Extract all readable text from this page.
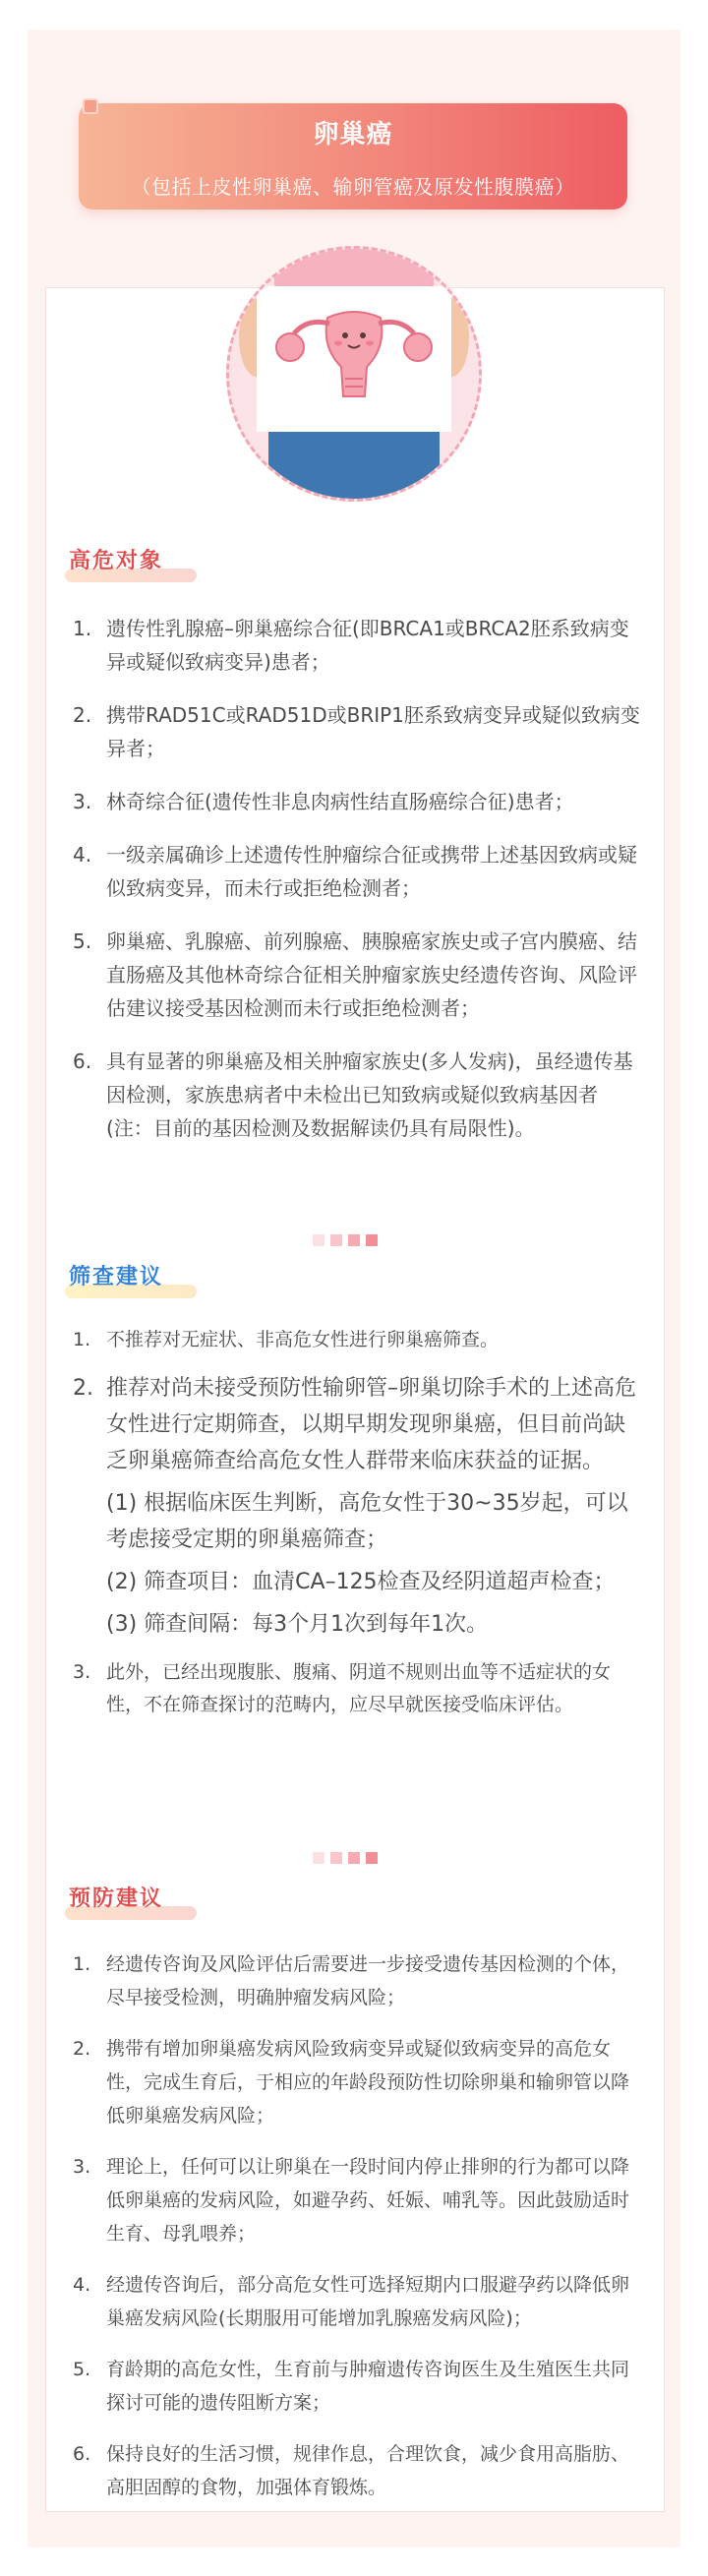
卵巢癌
（包括上皮性卵巢癌、输卵管癌及原发性腹膜癌）
高危对象
1. 遗传性乳腺癌–卵巢癌综合征(即BRCA1或BRCA2胚系致病变异或疑似致病变异)患者；
2. 携带RAD51C或RAD51D或BRIP1胚系致病变异或疑似致病变异者；
3. 林奇综合征(遗传性非息肉病性结直肠癌综合征)患者；
4. 一级亲属确诊上述遗传性肿瘤综合征或携带上述基因致病或疑似致病变异，而未行或拒绝检测者；
5. 卵巢癌、乳腺癌、前列腺癌、胰腺癌家族史或子宫内膜癌、结直肠癌及其他林奇综合征相关肿瘤家族史经遗传咨询、风险评估建议接受基因检测而未行或拒绝检测者；
6. 具有显著的卵巢癌及相关肿瘤家族史(多人发病)，虽经遗传基因检测，家族患病者中未检出已知致病或疑似致病基因者(注：目前的基因检测及数据解读仍具有局限性)。
筛查建议
1. 不推荐对无症状、非高危女性进行卵巢癌筛查。
2. 推荐对尚未接受预防性输卵管–卵巢切除手术的上述高危女性进行定期筛查，以期早期发现卵巢癌，但目前尚缺乏卵巢癌筛查给高危女性人群带来临床获益的证据。
(1) 根据临床医生判断，高危女性于30~35岁起，可以考虑接受定期的卵巢癌筛查；
(2) 筛查项目：血清CA–125检查及经阴道超声检查；
(3) 筛查间隔：每3个月1次到每年1次。
3. 此外，已经出现腹胀、腹痛、阴道不规则出血等不适症状的女性，不在筛查探讨的范畴内，应尽早就医接受临床评估。
预防建议
1. 经遗传咨询及风险评估后需要进一步接受遗传基因检测的个体，尽早接受检测，明确肿瘤发病风险；
2. 携带有增加卵巢癌发病风险致病变异或疑似致病变异的高危女性，完成生育后，于相应的年龄段预防性切除卵巢和输卵管以降低卵巢癌发病风险；
3. 理论上，任何可以让卵巢在一段时间内停止排卵的行为都可以降低卵巢癌的发病风险，如避孕药、妊娠、哺乳等。因此鼓励适时生育、母乳喂养；
4. 经遗传咨询后，部分高危女性可选择短期内口服避孕药以降低卵巢癌发病风险(长期服用可能增加乳腺癌发病风险)；
5. 育龄期的高危女性，生育前与肿瘤遗传咨询医生及生殖医生共同探讨可能的遗传阻断方案；
6. 保持良好的生活习惯，规律作息，合理饮食，减少食用高脂肪、高胆固醇的食物，加强体育锻炼。
